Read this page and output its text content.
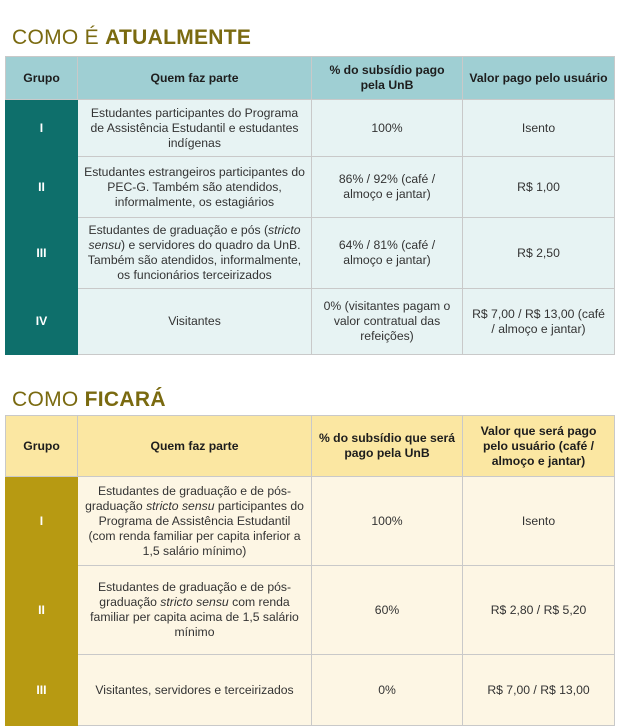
COMO É ATUALMENTE
Grupo	Quem faz parte	% do subsídio pago pela UnB	Valor pago pelo usuário
I	Estudantes participantes do Programa de Assistência Estudantil e estudantes indígenas	100%	Isento
II	Estudantes estrangeiros participantes do PEC-G. Também são atendidos, informalmente, os estagiários	86% / 92% (café / almoço e jantar)	R$ 1,00
III	Estudantes de graduação e pós (stricto sensu) e servidores do quadro da UnB. Também são atendidos, informalmente, os funcionários terceirizados	64% / 81% (café / almoço e jantar)	R$ 2,50
IV	Visitantes	0% (visitantes pagam o valor contratual das refeições)	R$ 7,00 / R$ 13,00 (café / almoço e jantar)
COMO FICARÁ
Grupo	Quem faz parte	% do subsídio que será pago pela UnB	Valor que será pago pelo usuário (café / almoço e jantar)
I	Estudantes de graduação e de pós-graduação stricto sensu participantes do Programa de Assistência Estudantil (com renda familiar per capita inferior a 1,5 salário mínimo)	100%	Isento
II	Estudantes de graduação e de pós-graduação stricto sensu com renda familiar per capita acima de 1,5 salário mínimo	60%	R$ 2,80 / R$ 5,20
III	Visitantes, servidores e terceirizados	0%	R$ 7,00 / R$ 13,00
